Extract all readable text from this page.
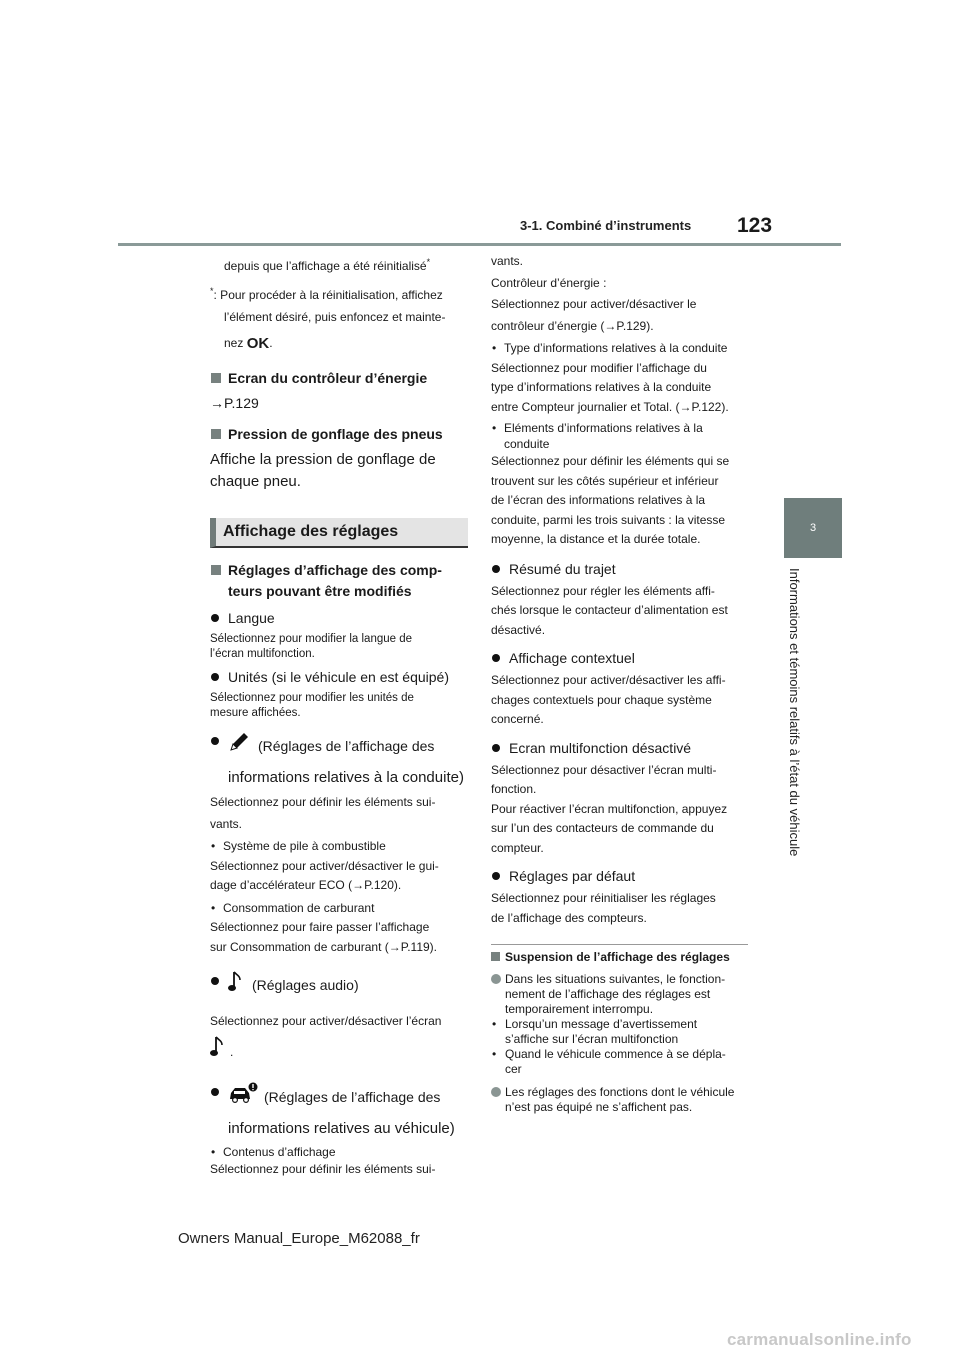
3-1. Combiné d’instruments 123
3
Informations et témoins relatifs à l’état du véhicule

depuis que l’affichage a été réinitialisé*

*: Pour procéder à la réinitialisation, affichez

l’élément désiré, puis enfoncez et mainte-

nez OK.

Ecran du contrôleur d’énergie

→P.129

Pression de gonflage des pneus

Affiche la pression de gonflage de

chaque pneu.

Affichage des réglages

Réglages d’affichage des comp-

teurs pouvant être modifiés

Langue

Sélectionnez pour modifier la langue de

l’écran multifonction.

Unités (si le véhicule en est équipé)

Sélectionnez pour modifier les unités de

mesure affichées.

(Réglages de l’affichage des

informations relatives à la conduite)

Sélectionnez pour définir les éléments sui-

vants.

• Système de pile à combustible

Sélectionnez pour activer/désactiver le gui-

dage d’accélérateur ECO (→P.120).

• Consommation de carburant

Sélectionnez pour faire passer l’affichage

sur Consommation de carburant (→P.119).

(Réglages audio)

Sélectionnez pour activer/désactiver l’écran

.

(Réglages de l’affichage des

informations relatives au véhicule)

• Contenus d’affichage

Sélectionnez pour définir les éléments sui-

vants.

Contrôleur d’énergie :

Sélectionnez pour activer/désactiver le

contrôleur d’énergie (→P.129).

• Type d’informations relatives à la conduite

Sélectionnez pour modifier l’affichage du

type d’informations relatives à la conduite

entre Compteur journalier et Total. (→P.122).

• Eléments d’informations relatives à la

conduite

Sélectionnez pour définir les éléments qui se

trouvent sur les côtés supérieur et inférieur

de l’écran des informations relatives à la

conduite, parmi les trois suivants : la vitesse

moyenne, la distance et la durée totale.

Résumé du trajet

Sélectionnez pour régler les éléments affi-

chés lorsque le contacteur d’alimentation est

désactivé.

Affichage contextuel

Sélectionnez pour activer/désactiver les affi-

chages contextuels pour chaque système

concerné.

Ecran multifonction désactivé

Sélectionnez pour désactiver l’écran multi-

fonction.

Pour réactiver l’écran multifonction, appuyez

sur l’un des contacteurs de commande du

compteur.

Réglages par défaut

Sélectionnez pour réinitialiser les réglages

de l’affichage des compteurs.

Suspension de l’affichage des réglages

Dans les situations suivantes, le fonction-

nement de l’affichage des réglages est

temporairement interrompu.

• Lorsqu’un message d’avertissement

s’affiche sur l’écran multifonction

• Quand le véhicule commence à se dépla-

cer

Les réglages des fonctions dont le véhicule

n’est pas équipé ne s’affichent pas.

Owners Manual_Europe_M62088_fr
carmanualsonline.info
